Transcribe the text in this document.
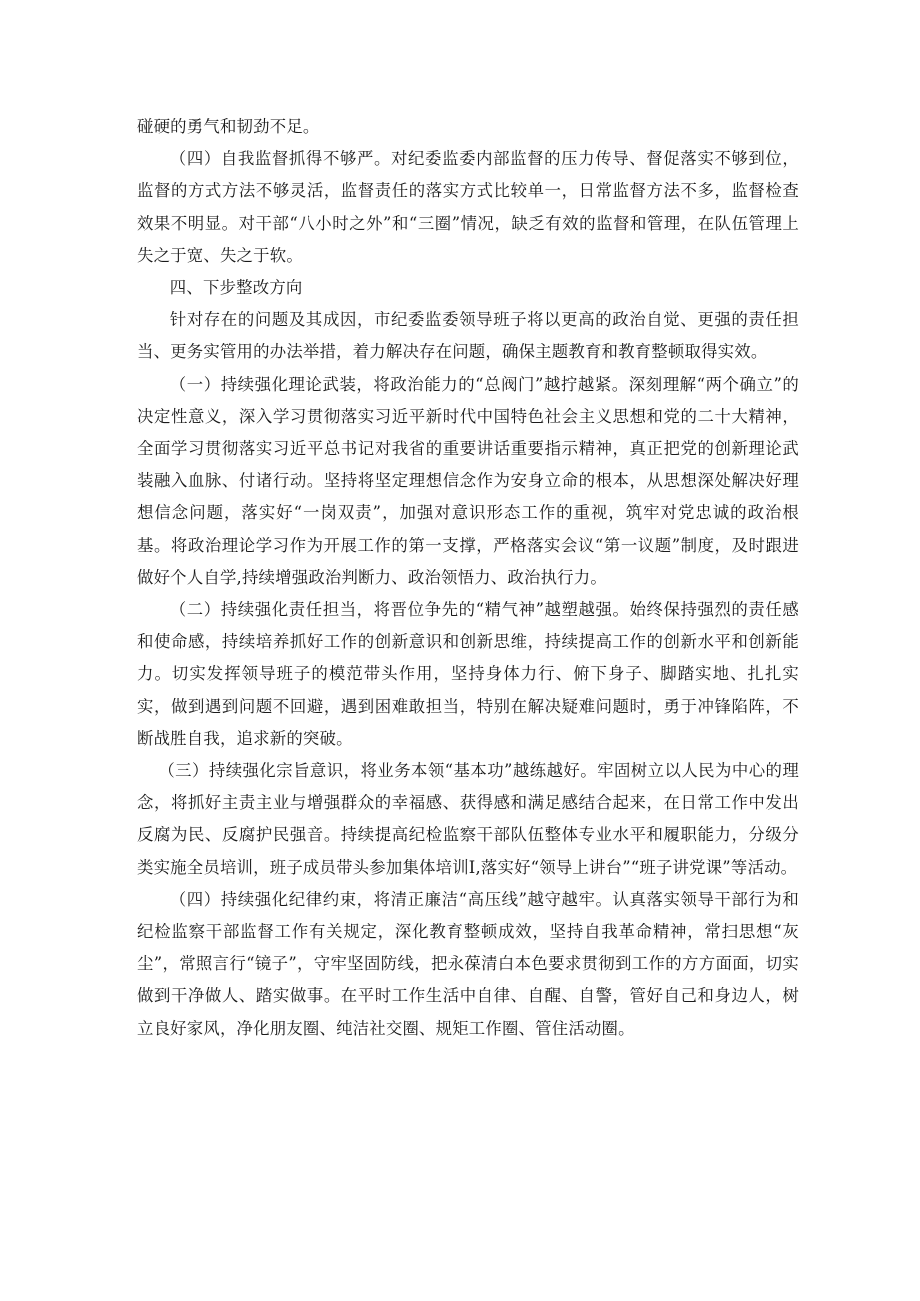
碰硬的勇气和韧劲不足。

（四）自我监督抓得不够严。对纪委监委内部监督的压力传导、督促落实不够到位，监督的方式方法不够灵活，监督责任的落实方式比较单一，日常监督方法不多，监督检查效果不明显。对干部“八小时之外”和“三圈”情况，缺乏有效的监督和管理，在队伍管理上失之于宽、失之于软。

四、下步整改方向

针对存在的问题及其成因，市纪委监委领导班子将以更高的政治自觉、更强的责任担当、更务实管用的办法举措，着力解决存在问题，确保主题教育和教育整顿取得实效。

（一）持续强化理论武装，将政治能力的“总阀门”越拧越紧。深刻理解“两个确立”的决定性意义，深入学习贯彻落实习近平新时代中国特色社会主义思想和党的二十大精神，全面学习贯彻落实习近平总书记对我省的重要讲话重要指示精神，真正把党的创新理论武装融入血脉、付诸行动。坚持将坚定理想信念作为安身立命的根本，从思想深处解决好理想信念问题，落实好“一岗双责”，加强对意识形态工作的重视，筑牢对党忠诚的政治根基。将政治理论学习作为开展工作的第一支撑，严格落实会议“第一议题”制度，及时跟进做好个人自学,持续增强政治判断力、政治领悟力、政治执行力。

（二）持续强化责任担当，将晋位争先的“精气神”越塑越强。始终保持强烈的责任感和使命感，持续培养抓好工作的创新意识和创新思维，持续提高工作的创新水平和创新能力。切实发挥领导班子的模范带头作用，坚持身体力行、俯下身子、脚踏实地、扎扎实实，做到遇到问题不回避，遇到困难敢担当，特别在解决疑难问题时，勇于冲锋陷阵，不断战胜自我，追求新的突破。

（三）持续强化宗旨意识，将业务本领“基本功”越练越好。牢固树立以人民为中心的理念，将抓好主责主业与增强群众的幸福感、获得感和满足感结合起来，在日常工作中发出反腐为民、反腐护民强音。持续提高纪检监察干部队伍整体专业水平和履职能力，分级分类实施全员培训，班子成员带头参加集体培训I,落实好“领导上讲台”“班子讲党课”等活动。

（四）持续强化纪律约束，将清正廉洁“高压线”越守越牢。认真落实领导干部行为和纪检监察干部监督工作有关规定，深化教育整顿成效，坚持自我革命精神，常扫思想“灰尘”，常照言行“镜子”，守牢坚固防线，把永葆清白本色要求贯彻到工作的方方面面，切实做到干净做人、踏实做事。在平时工作生活中自律、自醒、自警，管好自己和身边人，树立良好家风，净化朋友圈、纯洁社交圈、规矩工作圈、管住活动圈。
